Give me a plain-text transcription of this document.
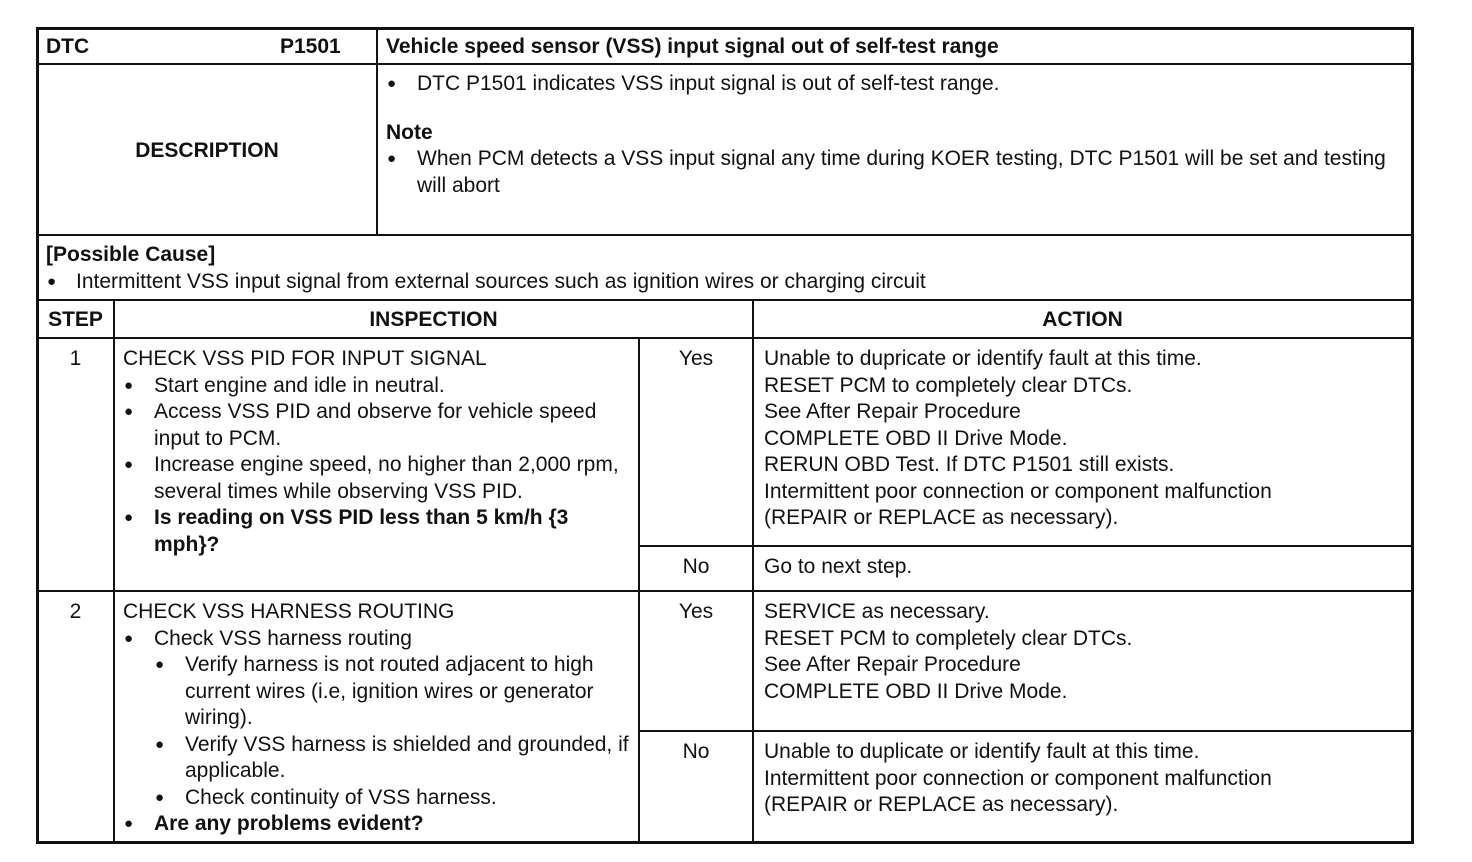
DTC	P1501 Vehicle speed sensor (VSS) input signal out of self-test range
DESCRIPTION
● DTC P1501 indicates VSS input signal is out of self-test range.
Note
● When PCM detects a VSS input signal any time during KOER testing, DTC P1501 will be set and testing will abort
[Possible Cause]
● Intermittent VSS input signal from external sources such as ignition wires or charging circuit
STEP	INSPECTION	ACTION
1	CHECK VSS PID FOR INPUT SIGNAL
● Start engine and idle in neutral.
● Access VSS PID and observe for vehicle speed input to PCM.
● Increase engine speed, no higher than 2,000 rpm, several times while observing VSS PID.
● Is reading on VSS PID less than 5 km/h {3 mph}?
Yes	Unable to dupricate or identify fault at this time.
RESET PCM to completely clear DTCs.
See After Repair Procedure
COMPLETE OBD II Drive Mode.
RERUN OBD Test. If DTC P1501 still exists.
Intermittent poor connection or component malfunction
(REPAIR or REPLACE as necessary).
No	Go to next step.
2	CHECK VSS HARNESS ROUTING
● Check VSS harness routing
● Verify harness is not routed adjacent to high current wires (i.e, ignition wires or generator wiring).
● Verify VSS harness is shielded and grounded, if applicable.
● Check continuity of VSS harness.
● Are any problems evident?
Yes	SERVICE as necessary.
RESET PCM to completely clear DTCs.
See After Repair Procedure
COMPLETE OBD II Drive Mode.
No	Unable to duplicate or identify fault at this time.
Intermittent poor connection or component malfunction
(REPAIR or REPLACE as necessary).
